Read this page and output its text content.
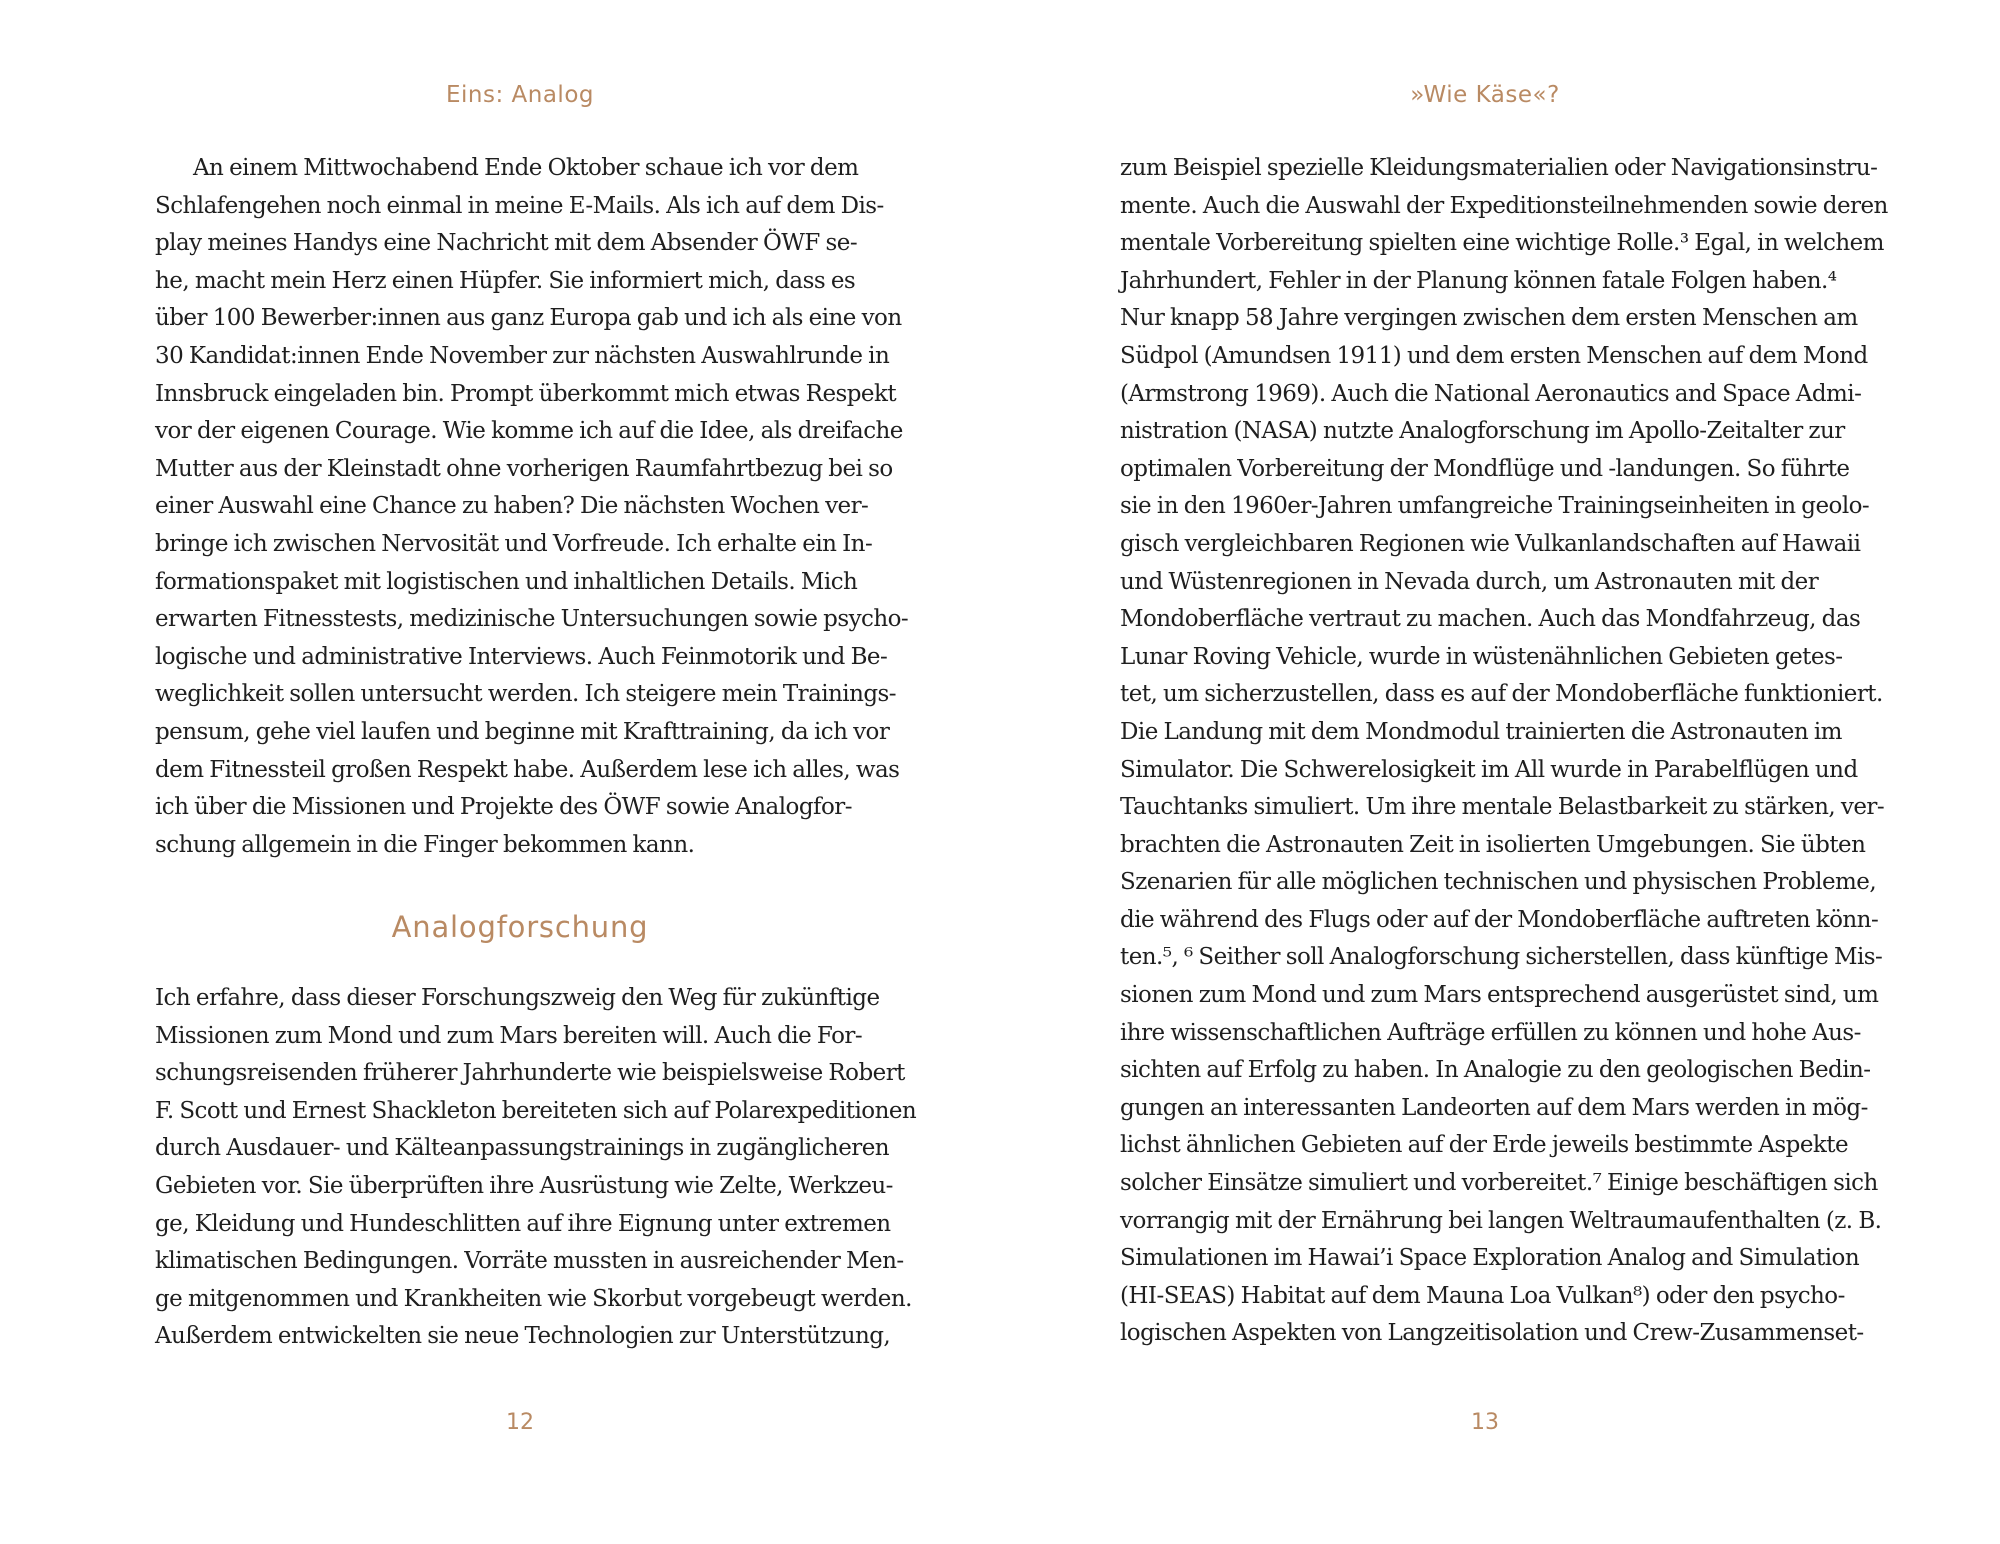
Eins: Analog
An einem Mittwochabend Ende Oktober schaue ich vor dem
Schlafengehen noch einmal in meine E-Mails. Als ich auf dem Dis-
play meines Handys eine Nachricht mit dem Absender ÖWF se-
he, macht mein Herz einen Hüpfer. Sie informiert mich, dass es
über 100 Bewerber:innen aus ganz Europa gab und ich als eine von
30 Kandidat:innen Ende November zur nächsten Auswahlrunde in
Innsbruck eingeladen bin. Prompt überkommt mich etwas Respekt
vor der eigenen Courage. Wie komme ich auf die Idee, als dreifache
Mutter aus der Kleinstadt ohne vorherigen Raumfahrtbezug bei so
einer Auswahl eine Chance zu haben? Die nächsten Wochen ver-
bringe ich zwischen Nervosität und Vorfreude. Ich erhalte ein In-
formationspaket mit logistischen und inhaltlichen Details. Mich
erwarten Fitnesstests, medizinische Untersuchungen sowie psycho-
logische und administrative Interviews. Auch Feinmotorik und Be-
weglichkeit sollen untersucht werden. Ich steigere mein Trainings-
pensum, gehe viel laufen und beginne mit Krafttraining, da ich vor
dem Fitnessteil großen Respekt habe. Außerdem lese ich alles, was
ich über die Missionen und Projekte des ÖWF sowie Analogfor-
schung allgemein in die Finger bekommen kann.
Analogforschung
Ich erfahre, dass dieser Forschungszweig den Weg für zukünftige
Missionen zum Mond und zum Mars bereiten will. Auch die For-
schungsreisenden früherer Jahrhunderte wie beispielsweise Robert
F. Scott und Ernest Shackleton bereiteten sich auf Polarexpeditionen
durch Ausdauer- und Kälteanpassungstrainings in zugänglicheren
Gebieten vor. Sie überprüften ihre Ausrüstung wie Zelte, Werkzeu-
ge, Kleidung und Hundeschlitten auf ihre Eignung unter extremen
klimatischen Bedingungen. Vorräte mussten in ausreichender Men-
ge mitgenommen und Krankheiten wie Skorbut vorgebeugt werden.
Außerdem entwickelten sie neue Technologien zur Unterstützung,
12
»Wie Käse«?
zum Beispiel spezielle Kleidungsmaterialien oder Navigationsinstru-
mente. Auch die Auswahl der Expeditionsteilnehmenden sowie deren
mentale Vorbereitung spielten eine wichtige Rolle.³ Egal, in welchem
Jahrhundert, Fehler in der Planung können fatale Folgen haben.⁴
Nur knapp 58 Jahre vergingen zwischen dem ersten Menschen am
Südpol (Amundsen 1911) und dem ersten Menschen auf dem Mond
(Armstrong 1969). Auch die National Aeronautics and Space Admi-
nistration (NASA) nutzte Analogforschung im Apollo-Zeitalter zur
optimalen Vorbereitung der Mondflüge und -landungen. So führte
sie in den 1960er-Jahren umfangreiche Trainingseinheiten in geolo-
gisch vergleichbaren Regionen wie Vulkanlandschaften auf Hawaii
und Wüstenregionen in Nevada durch, um Astronauten mit der
Mondoberfläche vertraut zu machen. Auch das Mondfahrzeug, das
Lunar Roving Vehicle, wurde in wüstenähnlichen Gebieten getes-
tet, um sicherzustellen, dass es auf der Mondoberfläche funktioniert.
Die Landung mit dem Mondmodul trainierten die Astronauten im
Simulator. Die Schwerelosigkeit im All wurde in Parabelflügen und
Tauchtanks simuliert. Um ihre mentale Belastbarkeit zu stärken, ver-
brachten die Astronauten Zeit in isolierten Umgebungen. Sie übten
Szenarien für alle möglichen technischen und physischen Probleme,
die während des Flugs oder auf der Mondoberfläche auftreten könn-
ten.⁵, ⁶ Seither soll Analogforschung sicherstellen, dass künftige Mis-
sionen zum Mond und zum Mars entsprechend ausgerüstet sind, um
ihre wissenschaftlichen Aufträge erfüllen zu können und hohe Aus-
sichten auf Erfolg zu haben. In Analogie zu den geologischen Bedin-
gungen an interessanten Landeorten auf dem Mars werden in mög-
lichst ähnlichen Gebieten auf der Erde jeweils bestimmte Aspekte
solcher Einsätze simuliert und vorbereitet.⁷ Einige beschäftigen sich
vorrangig mit der Ernährung bei langen Weltraumaufenthalten (z. B.
Simulationen im Hawai’i Space Exploration Analog and Simulation
(HI-SEAS) Habitat auf dem Mauna Loa Vulkan⁸) oder den psycho-
logischen Aspekten von Langzeitisolation und Crew-Zusammenset-
13
